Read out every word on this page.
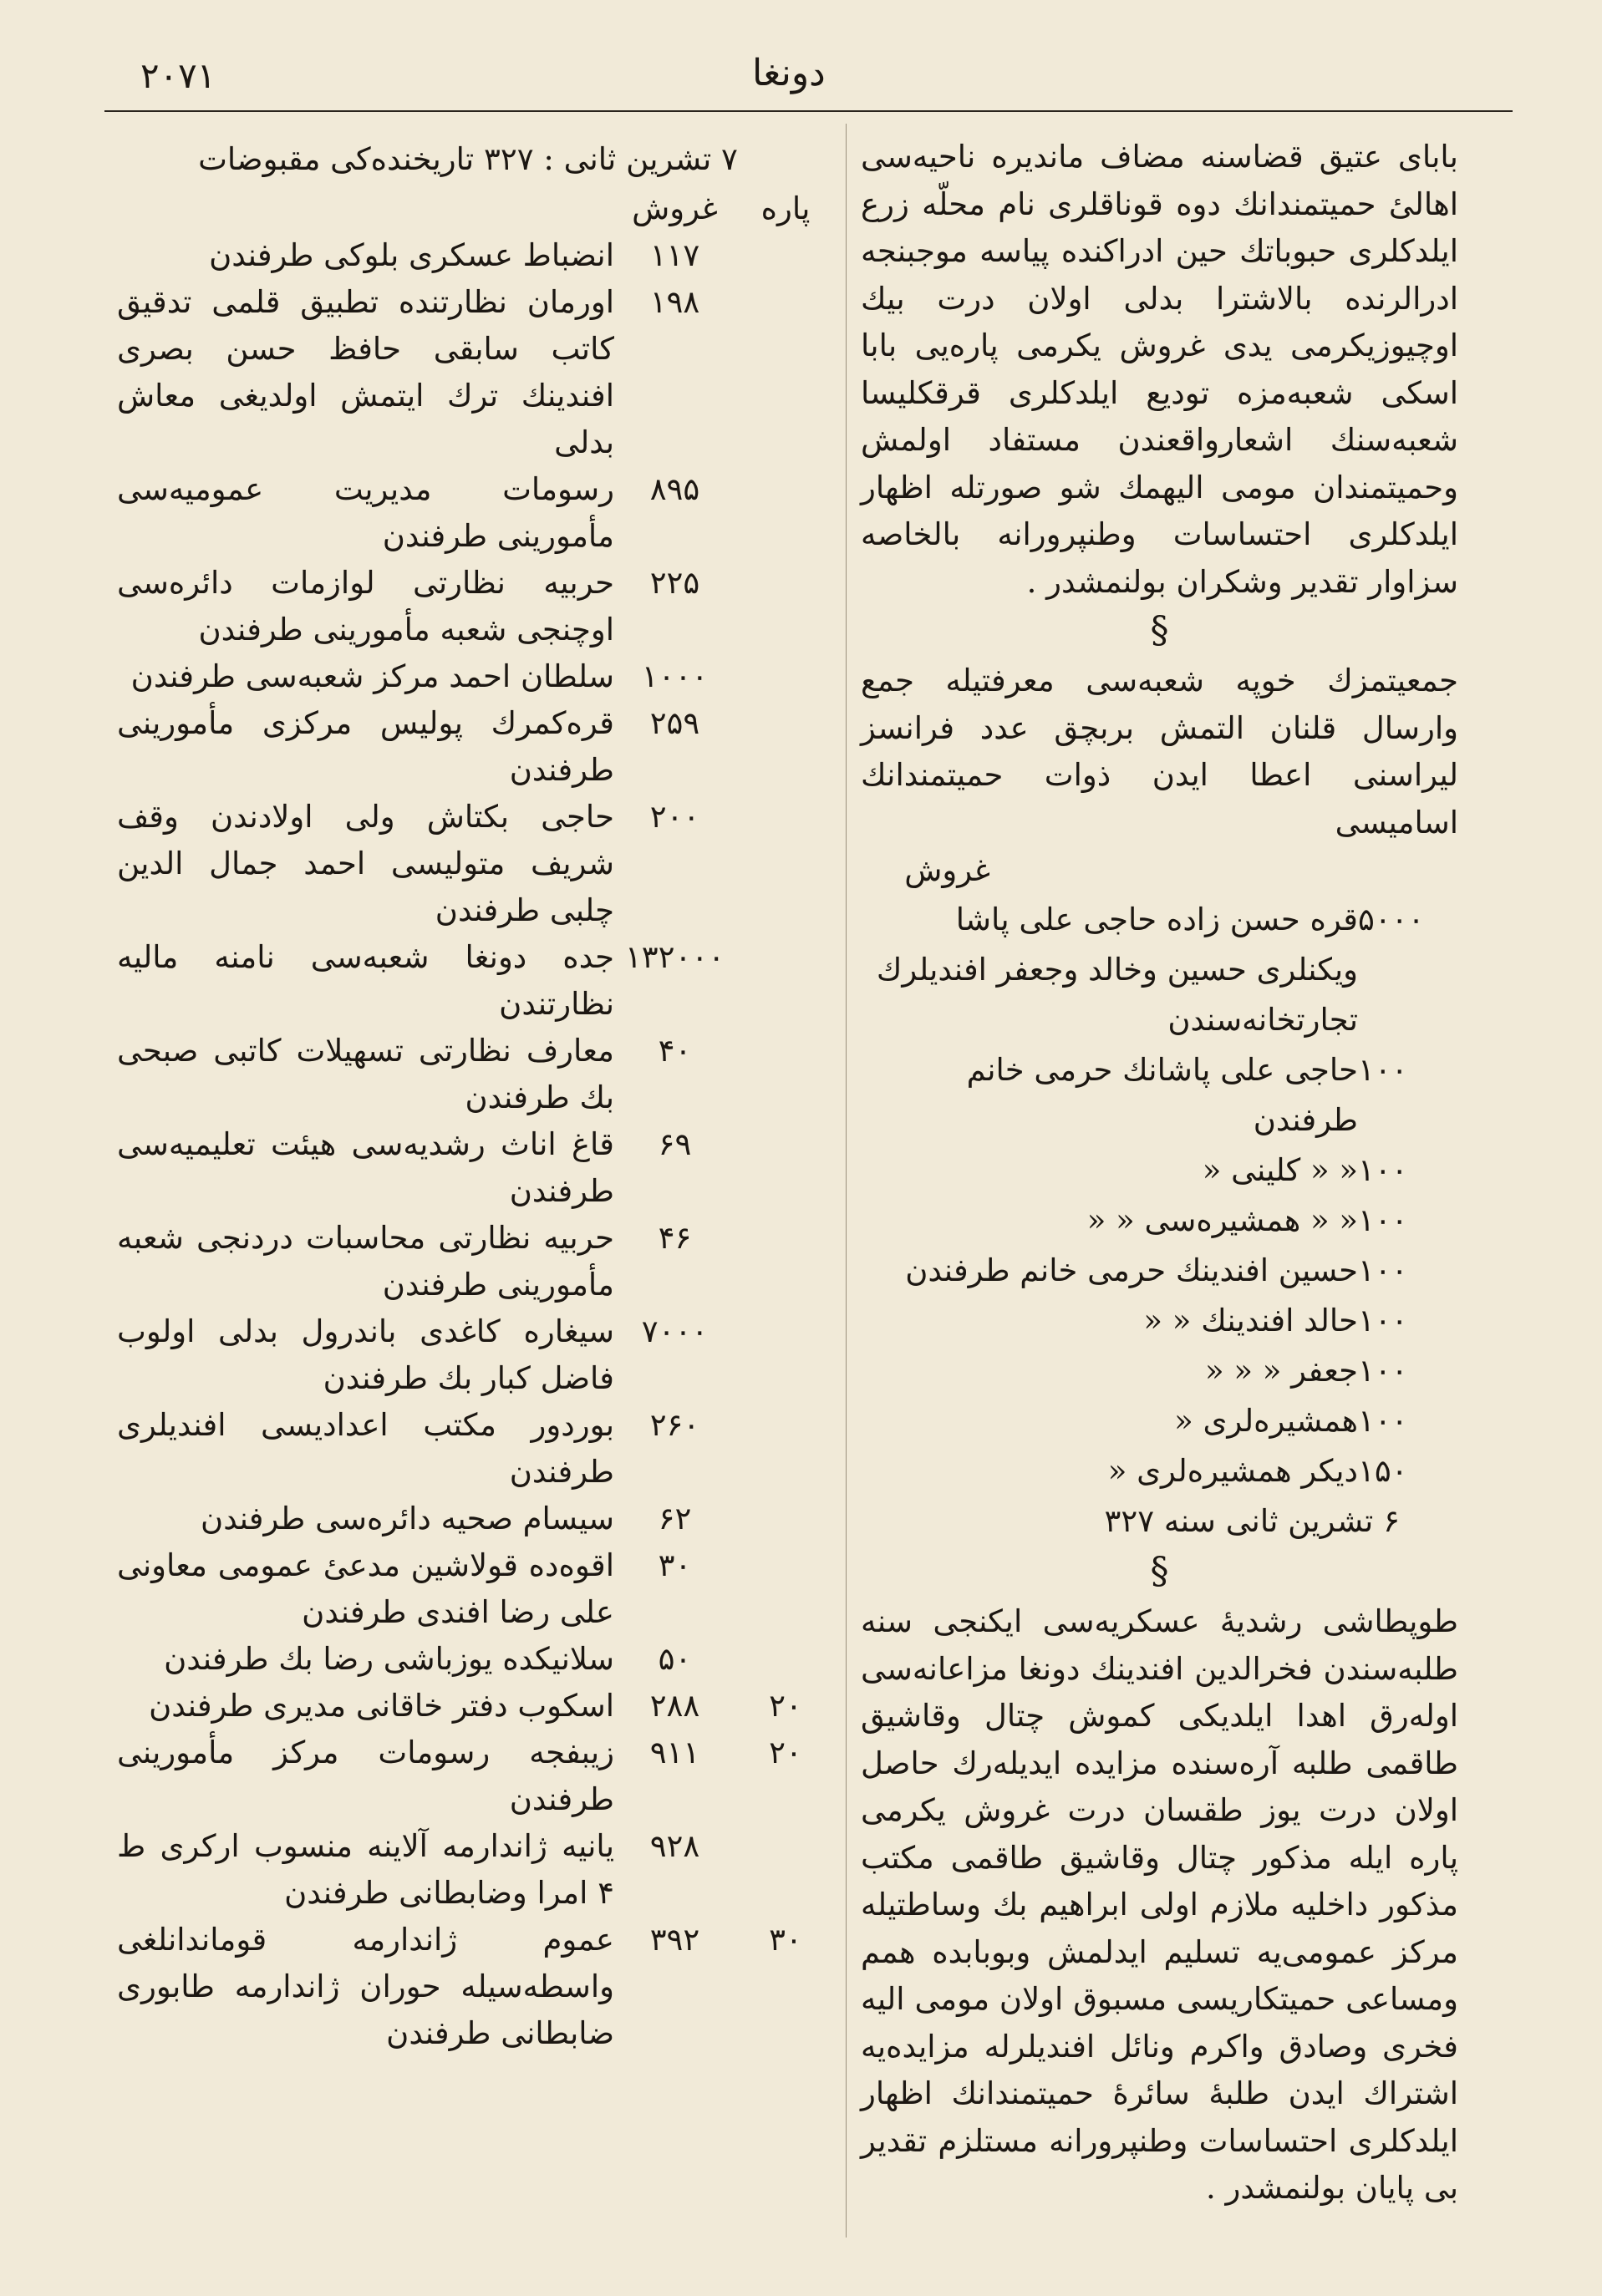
۲۰۷۱	دونغا

بابای عتیق قضاسنه مضاف ماندیره ناحیه‌سی اهالیٔ حمیتمندانك دوه قوناقلری نام محلّه زرع ایلدكلری حبوباتك حین ادراكنده پیاسه موجبنجه ادرالرنده بالاشترا بدلی اولان درت بیك اوچیوزیكرمی یدی غروش یكرمی پاره‌یی بابا اسكی شعبه‌مزه تودیع ایلدكلری قرقكلیسا شعبه‌سنك اشعارواقعندن مستفاد اولمش وحمیتمندان مومی الیهمك شو صورتله اظهار ایلدكلری احتساسات وطنپرورانه بالخاصه سزاوار تقدیر وشكران بولنمشدر .

§

جمعیتمزك خوپه شعبه‌سی معرفتیله جمع وارسال قلنان التمش بربچق عدد فرانسز لیراسنی اعطا ایدن ذوات حمیتمندانك اسامیسی

غروش
۵۰۰۰
قره حسن زاده حاجی علی پاشا ویكنلری حسین وخالد وجعفر افندیلرك تجارتخانه‌سندن
۱۰۰
حاجی علی پاشانك حرمی خانم طرفندن
۱۰۰
« « كلینی «
۱۰۰
« « همشیره‌سی « «
۱۰۰
حسین افندینك حرمی خانم طرفندن
۱۰۰
حالد افندینك « «
۱۰۰
جعفر « « «
۱۰۰
همشیره‌لری «
۱۵۰
دیكر همشیره‌لری «
۶ تشرین ثانی سنه ۳۲۷
§

طوپطاشی رشدیهٔ عسكریه‌سی ایكنجی سنه طلبه‌سندن فخرالدین افندینك دونغا مزاعانه‌سی اوله‌رق اهدا ایلدیكی كموش چتال وقاشیق طاقمی طلبه آره‌سنده مزایده ایدیله‌رك حاصل اولان درت یوز طقسان درت غروش یكرمی پاره ایله مذكور چتال وقاشیق طاقمی مكتب مذكور داخلیه ملازم اولی ابراهیم بك وساطتیله مركز عمومی‌یه تسلیم ایدلمش وبوبابده همم ومساعی حمیتكاریسی مسبوق اولان مومی الیه فخری وصادق واكرم ونائل افندیلرله مزایده‌یه اشتراك ایدن طلبهٔ سائرهٔ حمیتمندانك اظهار ایلدكلری احتساسات وطنپرورانه مستلزم تقدیر بی پایان بولنمشدر .

۷ تشرین ثانی : ۳۲۷ تاریخنده‌كی مقبوضات
پاره
غروش
۱۱۷
انضباط عسكری بلوكی طرفندن
۱۹۸
اورمان نظارتنده تطبیق قلمی تدقیق كاتب سابقی حافظ حسن بصری افندینك ترك ایتمش اولدیغی معاش بدلی
۸۹۵
رسومات مدیریت عمومیه‌سی مأمورینی طرفندن
۲۲۵
حربیه نظارتی لوازمات دائره‌سی اوچنجی شعبه مأمورینی طرفندن
۱۰۰۰
سلطان احمد مركز شعبه‌سی طرفندن
۲۵۹
قره‌كمرك پولیس مركزی مأمورینی طرفندن
۲۰۰
حاجی بكتاش ولی اولادندن وقف شریف متولیسی احمد جمال الدین چلبی طرفندن
۱۳۲۰۰۰
جده دونغا شعبه‌سی نامنه مالیه نظارتندن
۴۰
معارف نظارتی تسهیلات كاتبی صبحی بك طرفندن
۶۹
قاغ اناث رشدیه‌سی هیئت تعلیمیه‌سی طرفندن
۴۶
حربیه نظارتی محاسبات دردنجی شعبه مأمورینی طرفندن
۷۰۰۰
سیغاره كاغدی باندرول بدلی اولوب فاضل كبار بك طرفندن
۲۶۰
بوردور مكتب اعدادیسی افندیلری طرفندن
۶۲
سیسام صحیه دائره‌سی طرفندن
۳۰
اقوه‌ده قولاشین مدعیٔ عمومی معاونی علی رضا افندی طرفندن
۵۰
سلانیكده یوزباشی رضا بك طرفندن
۲۰
۲۸۸
اسكوب دفتر خاقانی مدیری طرفندن
۲۰
۹۱۱
زیبفجه رسومات مركز مأمورینی طرفندن
۹۲۸
یانیه ژاندارمه آلاینه منسوب اركری ط ۴ امرا وضابطانی طرفندن
۳۰
۳۹۲
عموم ژاندارمه قوماندانلغی واسطه‌سیله حوران ژاندارمه طابوری ضابطانی طرفندن
